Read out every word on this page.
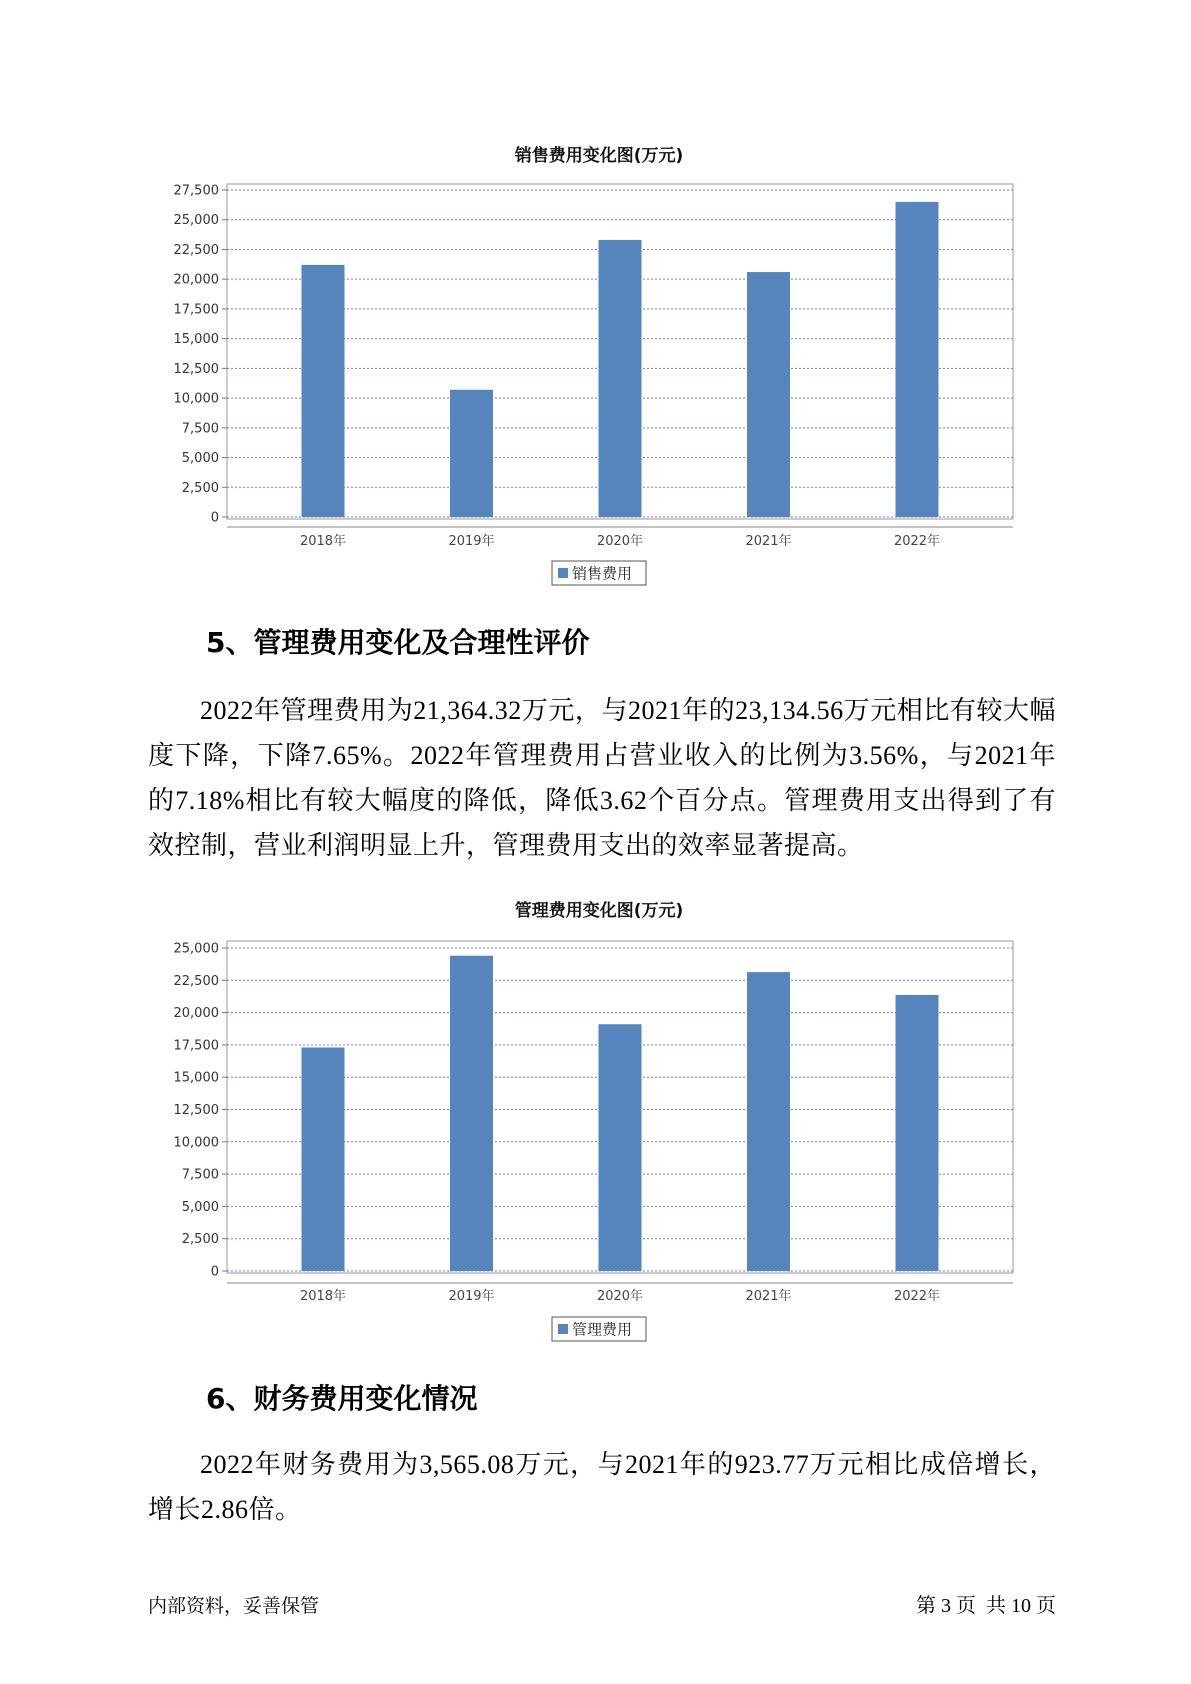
销售费用变化图(万元)
0
2,500
5,000
7,500
10,000
12,500
15,000
17,500
20,000
22,500
25,000
27,500
2018年	2019年	2020年	2021年	2022年
销售费用
5、管理费用变化及合理性评价

2022年管理费用为21,364.32万元，与2021年的23,134.56万元相比有较大幅度下降，下降7.65%。2022年管理费用占营业收入的比例为3.56%，与2021年的7.18%相比有较大幅度的降低，降低3.62个百分点。管理费用支出得到了有效控制，营业利润明显上升，管理费用支出的效率显著提高。

管理费用变化图(万元)
0
2,500
5,000
7,500
10,000
12,500
15,000
17,500
20,000
22,500
25,000
2018年	2019年	2020年	2021年	2022年
管理费用
6、财务费用变化情况

2022年财务费用为3,565.08万元，与2021年的923.77万元相比成倍增长，增长2.86倍。

内部资料，妥善保管	第 3 页  共 10 页
